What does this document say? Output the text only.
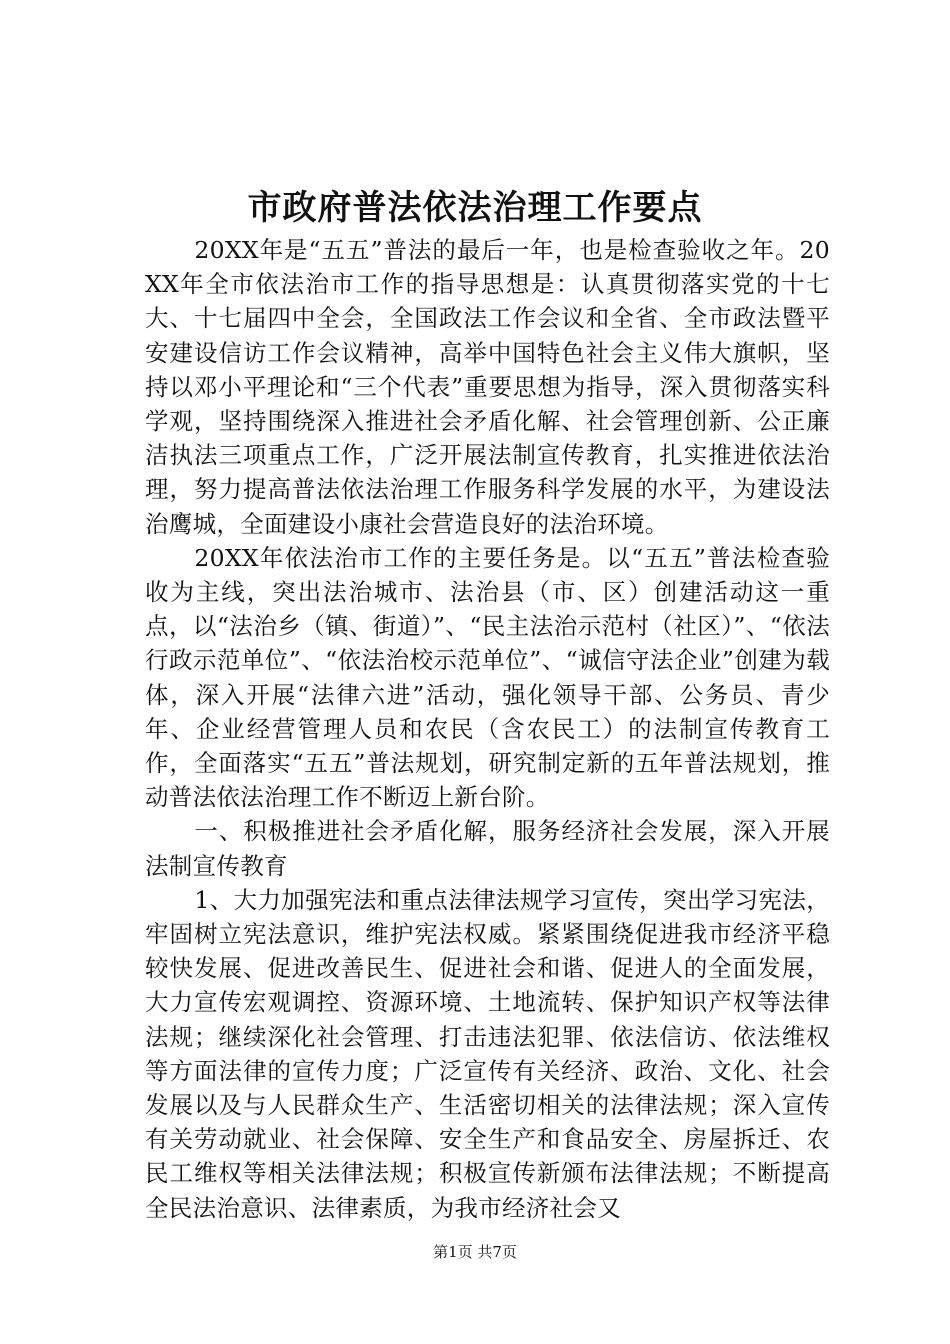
市政府普法依法治理工作要点

20XX年是“五五”普法的最后一年，也是检查验收之年。20XX年全市依法治市工作的指导思想是：认真贯彻落实党的十七大、十七届四中全会，全国政法工作会议和全省、全市政法暨平安建设信访工作会议精神，高举中国特色社会主义伟大旗帜，坚持以邓小平理论和“三个代表”重要思想为指导，深入贯彻落实科学观，坚持围绕深入推进社会矛盾化解、社会管理创新、公正廉洁执法三项重点工作，广泛开展法制宣传教育，扎实推进依法治理，努力提高普法依法治理工作服务科学发展的水平，为建设法治鹰城，全面建设小康社会营造良好的法治环境。

20XX年依法治市工作的主要任务是。以“五五”普法检查验收为主线，突出法治城市、法治县（市、区）创建活动这一重点，以“法治乡（镇、街道）”、“民主法治示范村（社区）”、“依法行政示范单位”、“依法治校示范单位”、“诚信守法企业”创建为载体，深入开展“法律六进”活动，强化领导干部、公务员、青少年、企业经营管理人员和农民（含农民工）的法制宣传教育工作，全面落实“五五”普法规划，研究制定新的五年普法规划，推动普法依法治理工作不断迈上新台阶。

一、积极推进社会矛盾化解，服务经济社会发展，深入开展法制宣传教育

1、大力加强宪法和重点法律法规学习宣传，突出学习宪法，牢固树立宪法意识，维护宪法权威。紧紧围绕促进我市经济平稳较快发展、促进改善民生、促进社会和谐、促进人的全面发展，大力宣传宏观调控、资源环境、土地流转、保护知识产权等法律法规；继续深化社会管理、打击违法犯罪、依法信访、依法维权等方面法律的宣传力度；广泛宣传有关经济、政治、文化、社会发展以及与人民群众生产、生活密切相关的法律法规；深入宣传有关劳动就业、社会保障、安全生产和食品安全、房屋拆迁、农民工维权等相关法律法规；积极宣传新颁布法律法规；不断提高全民法治意识、法律素质，为我市经济社会又

第1页 共7页
